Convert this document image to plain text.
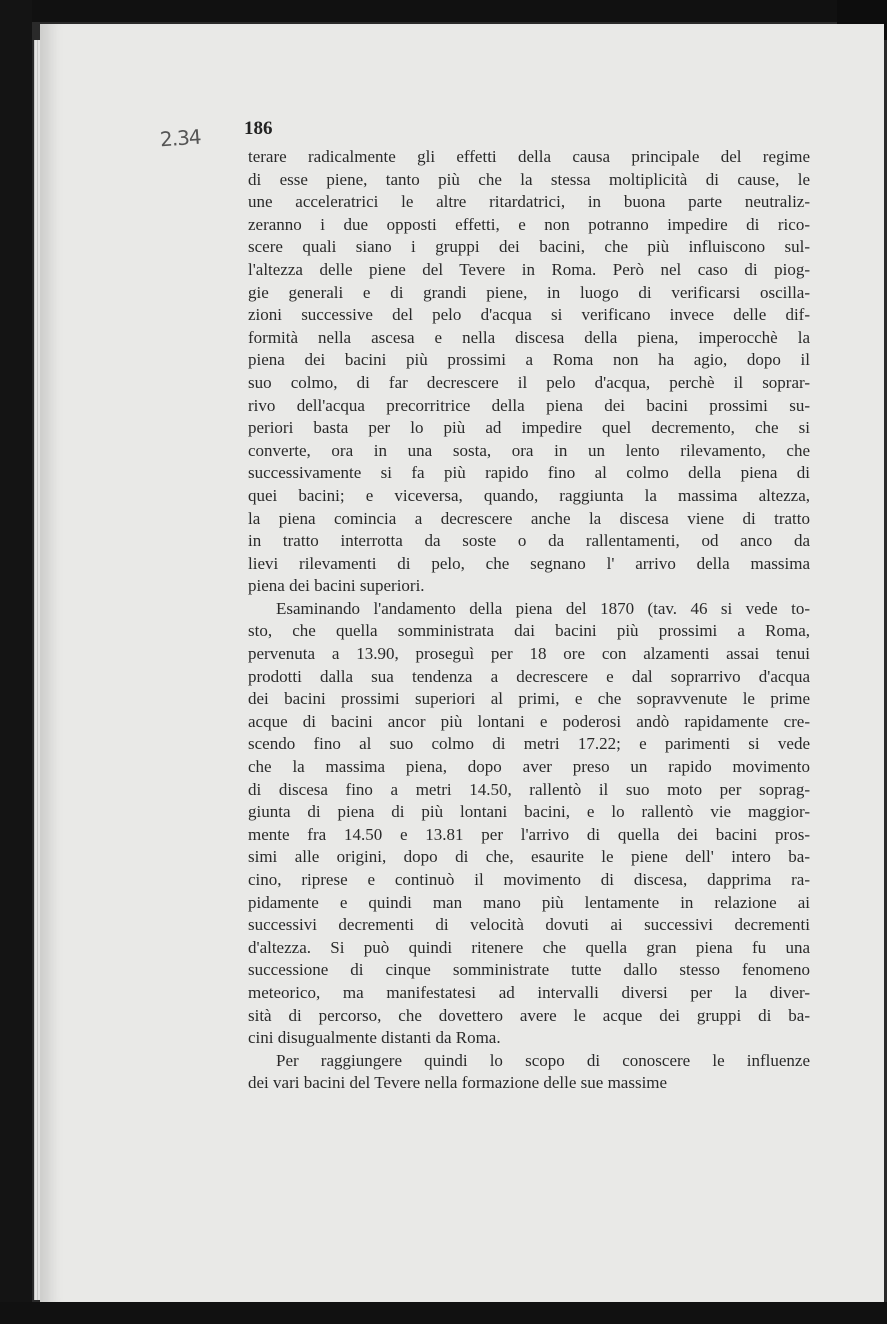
2.34 186
terare radicalmente gli effetti della causa principale del regime
di esse piene, tanto più che la stessa moltiplicità di cause, le
une acceleratrici le altre ritardatrici, in buona parte neutraliz-
zeranno i due opposti effetti, e non potranno impedire di rico-
scere quali siano i gruppi dei bacini, che più influiscono sul-
l'altezza delle piene del Tevere in Roma. Però nel caso di piog-
gie generali e di grandi piene, in luogo di verificarsi oscilla-
zioni successive del pelo d'acqua si verificano invece delle dif-
formità nella ascesa e nella discesa della piena, imperocchè la
piena dei bacini più prossimi a Roma non ha agio, dopo il
suo colmo, di far decrescere il pelo d'acqua, perchè il soprar-
rivo dell'acqua precorritrice della piena dei bacini prossimi su-
periori basta per lo più ad impedire quel decremento, che si
converte, ora in una sosta, ora in un lento rilevamento, che
successivamente si fa più rapido fino al colmo della piena di
quei bacini; e viceversa, quando, raggiunta la massima altezza,
la piena comincia a decrescere anche la discesa viene di tratto
in tratto interrotta da soste o da rallentamenti, od anco da
lievi rilevamenti di pelo, che segnano l' arrivo della massima
piena dei bacini superiori.
Esaminando l'andamento della piena del 1870 (tav. 46 si vede to-
sto, che quella somministrata dai bacini più prossimi a Roma,
pervenuta a 13.90, proseguì per 18 ore con alzamenti assai tenui
prodotti dalla sua tendenza a decrescere e dal soprarrivo d'acqua
dei bacini prossimi superiori al primi, e che sopravvenute le prime
acque di bacini ancor più lontani e poderosi andò rapidamente cre-
scendo fino al suo colmo di metri 17.22; e parimenti si vede
che la massima piena, dopo aver preso un rapido movimento
di discesa fino a metri 14.50, rallentò il suo moto per soprag-
giunta di piena di più lontani bacini, e lo rallentò vie maggior-
mente fra 14.50 e 13.81 per l'arrivo di quella dei bacini pros-
simi alle origini, dopo di che, esaurite le piene dell' intero ba-
cino, riprese e continuò il movimento di discesa, dapprima ra-
pidamente e quindi man mano più lentamente in relazione ai
successivi decrementi di velocità dovuti ai successivi decrementi
d'altezza. Si può quindi ritenere che quella gran piena fu una
successione di cinque somministrate tutte dallo stesso fenomeno
meteorico, ma manifestatesi ad intervalli diversi per la diver-
sità di percorso, che dovettero avere le acque dei gruppi di ba-
cini disugualmente distanti da Roma.
Per raggiungere quindi lo scopo di conoscere le influenze
dei vari bacini del Tevere nella formazione delle sue massime
